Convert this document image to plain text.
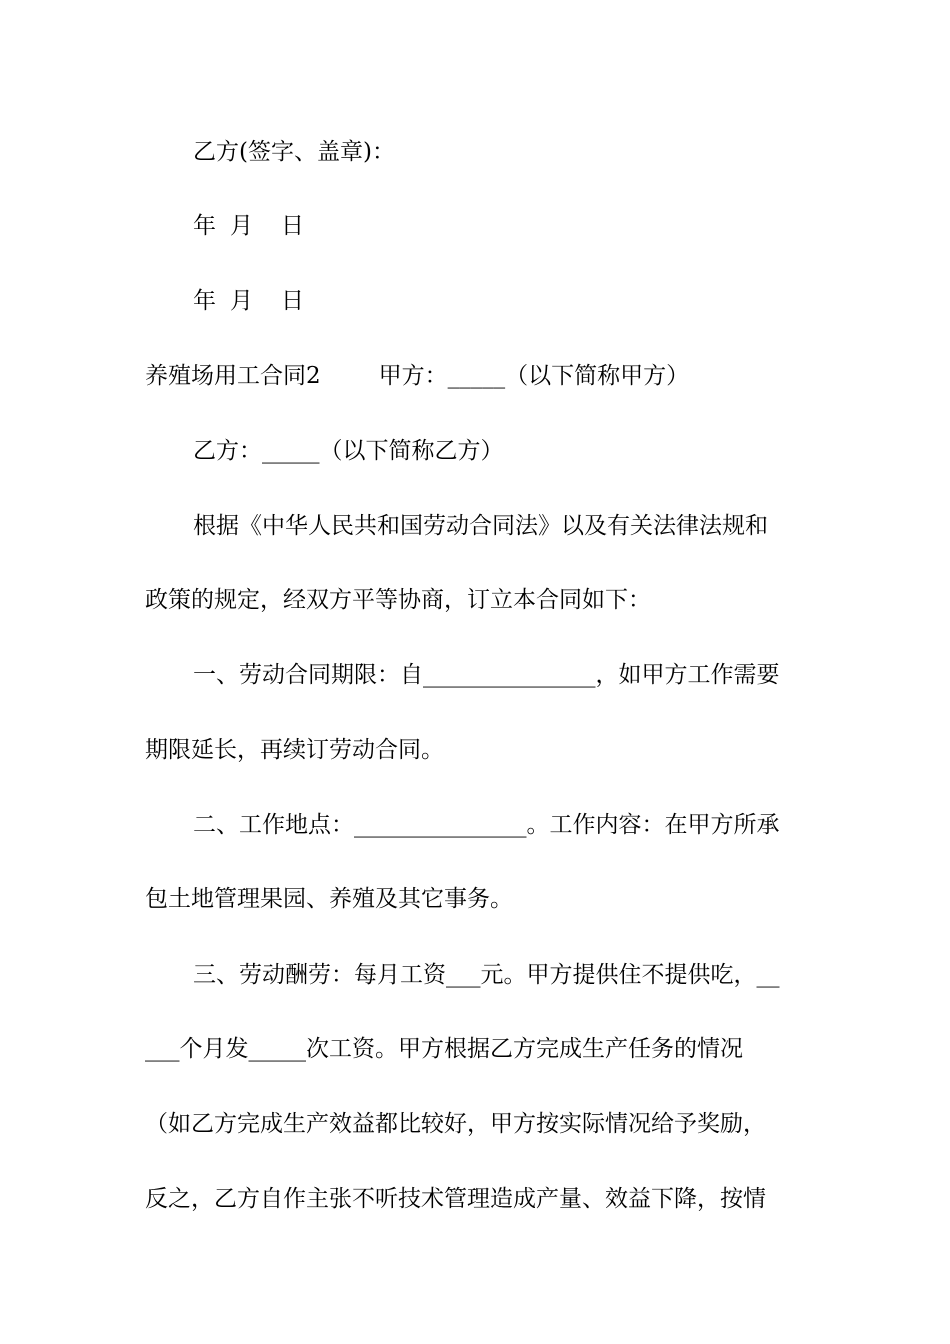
乙方(签字、盖章)：
年 月 日
年 月 日
养殖场用工合同2	甲方：_____（以下简称甲方）
乙方：_____（以下简称乙方）
根据《中华人民共和国劳动合同法》以及有关法律法规和
政策的规定，经双方平等协商，订立本合同如下：
一、劳动合同期限：自_______________，如甲方工作需要
期限延长，再续订劳动合同。
二、工作地点：_______________。工作内容：在甲方所承
包土地管理果园、养殖及其它事务。
三、劳动酬劳：每月工资___元。甲方提供住不提供吃，__
___个月发_____次工资。甲方根据乙方完成生产任务的情况
（如乙方完成生产效益都比较好，甲方按实际情况给予奖励，
反之，乙方自作主张不听技术管理造成产量、效益下降，按情
